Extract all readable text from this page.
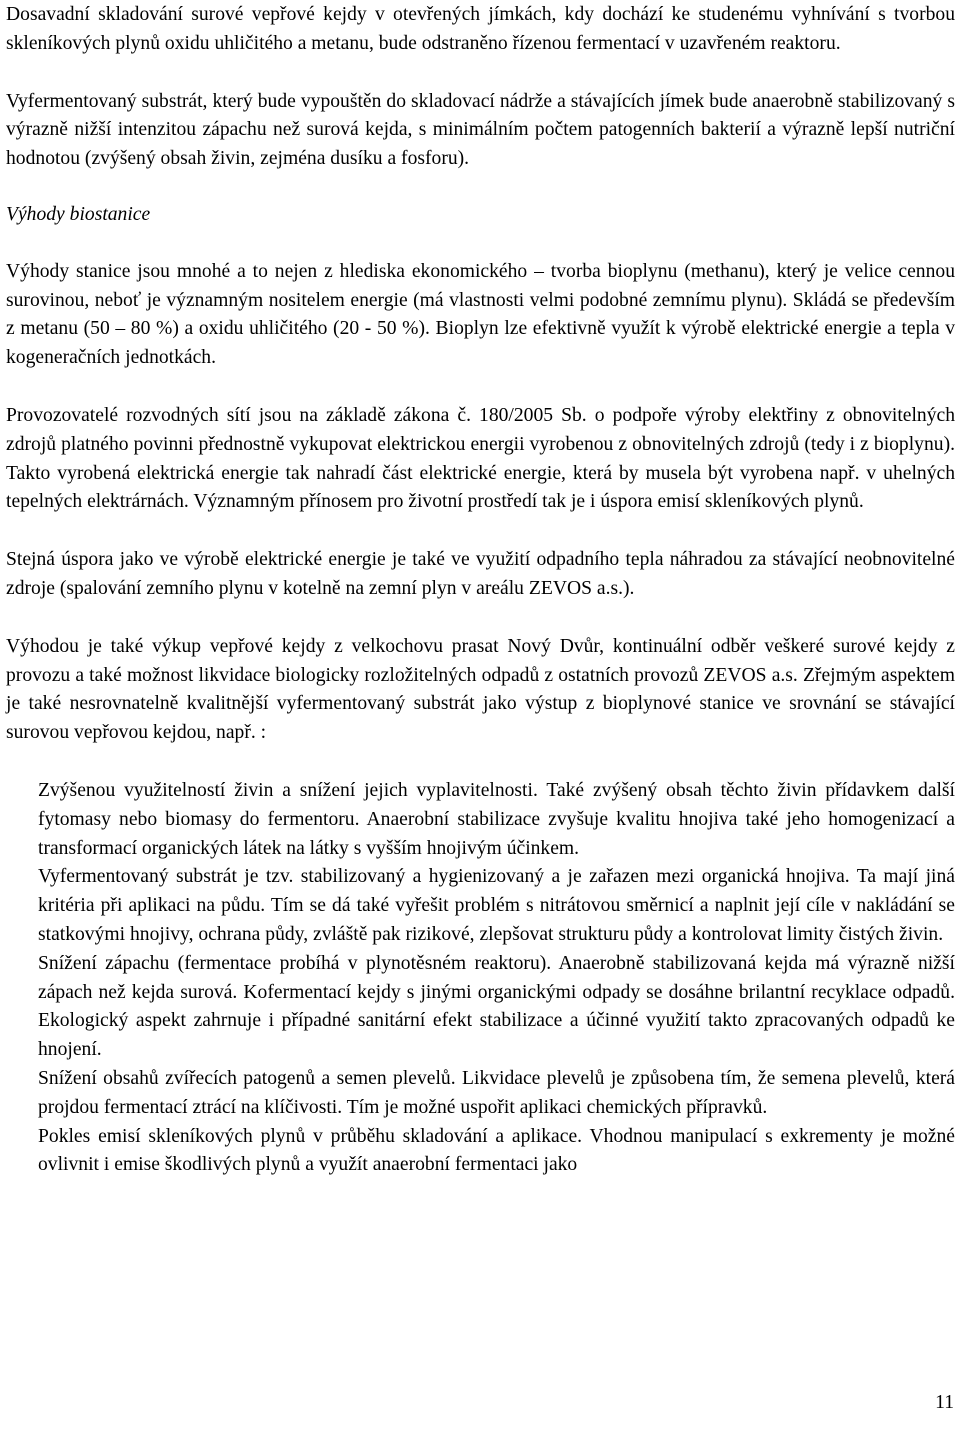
Dosavadní skladování surové vepřové kejdy v otevřených jímkách, kdy dochází ke studenému vyhnívání s tvorbou skleníkových plynů oxidu uhličitého a metanu, bude odstraněno řízenou fermentací v uzavřeném reaktoru.

Vyfermentovaný substrát, který bude vypouštěn do skladovací nádrže a stávajících jímek bude anaerobně stabilizovaný s výrazně nižší intenzitou zápachu než surová kejda, s minimálním počtem patogenních bakterií a výrazně lepší nutriční hodnotou (zvýšený obsah živin, zejména dusíku a fosforu).

Výhody biostanice

Výhody stanice jsou mnohé a to nejen z hlediska ekonomického – tvorba bioplynu (methanu), který je velice cennou surovinou, neboť je významným nositelem energie (má vlastnosti velmi podobné zemnímu plynu). Skládá se především z metanu (50 – 80 %) a oxidu uhličitého (20 - 50 %). Bioplyn lze efektivně využít k výrobě elektrické energie a tepla v kogeneračních jednotkách.

Provozovatelé rozvodných sítí jsou na základě zákona č. 180/2005 Sb. o podpoře výroby elektřiny z obnovitelných zdrojů platného povinni přednostně vykupovat elektrickou energii vyrobenou z obnovitelných zdrojů (tedy i z bioplynu). Takto vyrobená elektrická energie tak nahradí část elektrické energie, která by musela být vyrobena např. v uhelných tepelných elektrárnách. Významným přínosem pro životní prostředí tak je i úspora emisí skleníkových plynů.

Stejná úspora jako ve výrobě elektrické energie je také ve využití odpadního tepla náhradou za stávající neobnovitelné zdroje (spalování zemního plynu v kotelně na zemní plyn v areálu ZEVOS a.s.).

Výhodou je také výkup vepřové kejdy z velkochovu prasat Nový Dvůr, kontinuální odběr veškeré surové kejdy z provozu a také možnost likvidace biologicky rozložitelných odpadů z ostatních provozů ZEVOS a.s. Zřejmým aspektem je také nesrovnatelně kvalitnější vyfermentovaný substrát jako výstup z bioplynové stanice ve srovnání se stávající surovou vepřovou kejdou, např. :

Zvýšenou využitelností živin a snížení jejich vyplavitelnosti. Také zvýšený obsah těchto živin přídavkem další fytomasy nebo biomasy do fermentoru. Anaerobní stabilizace zvyšuje kvalitu hnojiva také jeho homogenizací a transformací organických látek na látky s vyšším hnojivým účinkem.

Vyfermentovaný substrát je tzv. stabilizovaný a hygienizovaný a je zařazen mezi organická hnojiva. Ta mají jiná kritéria při aplikaci na půdu. Tím se dá také vyřešit problém s nitrátovou směrnicí a naplnit její cíle v nakládání se statkovými hnojivy, ochrana půdy, zvláště pak rizikové, zlepšovat strukturu půdy a kontrolovat limity čistých živin.

Snížení zápachu (fermentace probíhá v plynotěsném reaktoru). Anaerobně stabilizovaná kejda má výrazně nižší zápach než kejda surová. Kofermentací kejdy s jinými organickými odpady se dosáhne brilantní recyklace odpadů. Ekologický aspekt zahrnuje i případné sanitární efekt stabilizace a účinné využití takto zpracovaných odpadů ke hnojení.

Snížení obsahů zvířecích patogenů a semen plevelů. Likvidace plevelů je způsobena tím, že semena plevelů, která projdou fermentací ztrácí na klíčivosti. Tím je možné uspořit aplikaci chemických přípravků.

Pokles emisí skleníkových plynů v průběhu skladování a aplikace. Vhodnou manipulací s exkrementy je možné ovlivnit i emise škodlivých plynů a využít anaerobní fermentaci jako

11
